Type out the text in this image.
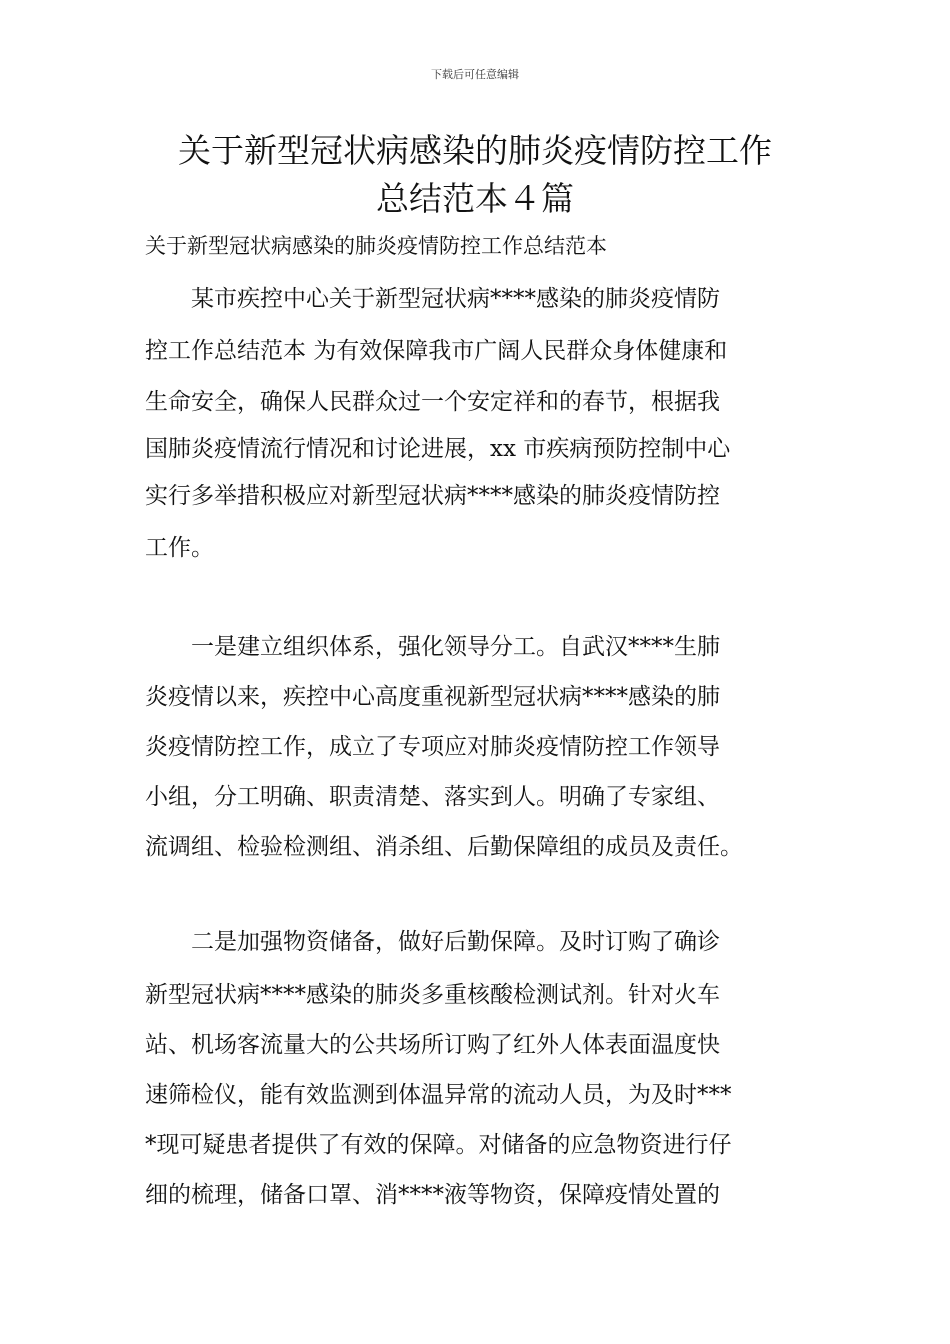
下载后可任意编辑
关于新型冠状病感染的肺炎疫情防控工作
总结范本４篇
关于新型冠状病感染的肺炎疫情防控工作总结范本
　　某市疾控中心关于新型冠状病****感染的肺炎疫情防
控工作总结范本 为有效保障我市广阔人民群众身体健康和
生命安全，确保人民群众过一个安定祥和的春节，根据我
国肺炎疫情流行情况和讨论进展，xx 市疾病预防控制中心
实行多举措积极应对新型冠状病****感染的肺炎疫情防控
工作。
　　一是建立组织体系，强化领导分工。自武汉****生肺
炎疫情以来，疾控中心高度重视新型冠状病****感染的肺
炎疫情防控工作，成立了专项应对肺炎疫情防控工作领导
小组，分工明确、职责清楚、落实到人。明确了专家组、
流调组、检验检测组、消杀组、后勤保障组的成员及责任。
　　二是加强物资储备，做好后勤保障。及时订购了确诊
新型冠状病****感染的肺炎多重核酸检测试剂。针对火车
站、机场客流量大的公共场所订购了红外人体表面温度快
速筛检仪，能有效监测到体温异常的流动人员，为及时***
*现可疑患者提供了有效的保障。对储备的应急物资进行仔
细的梳理，储备口罩、消****液等物资，保障疫情处置的
